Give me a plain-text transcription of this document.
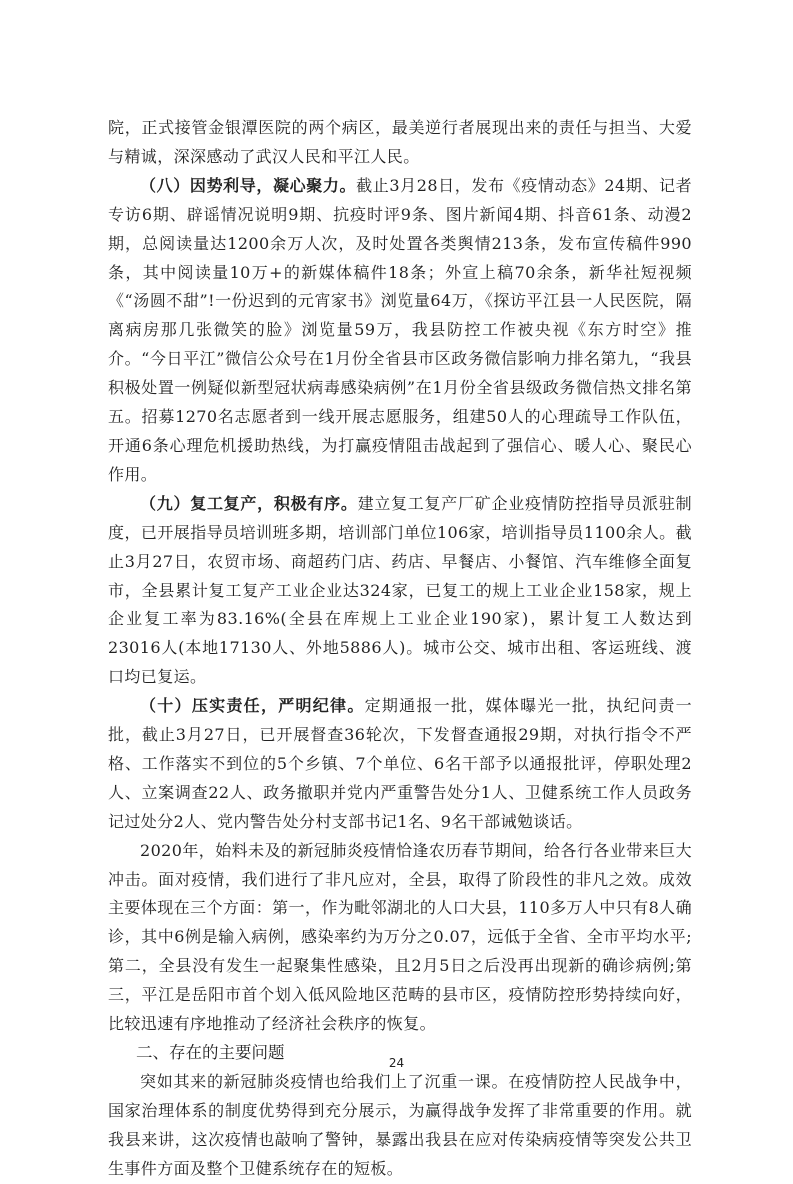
院，正式接管金银潭医院的两个病区，最美逆行者展现出来的责任与担当、大爱与精诚，深深感动了武汉人民和平江人民。

（八）因势利导，凝心聚力。截止3月28日，发布《疫情动态》24期、记者专访6期、辟谣情况说明9期、抗疫时评9条、图片新闻4期、抖音61条、动漫2期，总阅读量达1200余万人次，及时处置各类舆情213条，发布宣传稿件990条，其中阅读量10万+的新媒体稿件18条；外宣上稿70余条，新华社短视频《“汤圆不甜”!一份迟到的元宵家书》浏览量64万，《探访平江县一人民医院，隔离病房那几张微笑的脸》浏览量59万，我县防控工作被央视《东方时空》推介。“今日平江”微信公众号在1月份全省县市区政务微信影响力排名第九，“我县积极处置一例疑似新型冠状病毒感染病例”在1月份全省县级政务微信热文排名第五。招募1270名志愿者到一线开展志愿服务，组建50人的心理疏导工作队伍，开通6条心理危机援助热线，为打赢疫情阻击战起到了强信心、暖人心、聚民心作用。

（九）复工复产，积极有序。建立复工复产厂矿企业疫情防控指导员派驻制度，已开展指导员培训班多期，培训部门单位106家，培训指导员1100余人。截止3月27日，农贸市场、商超药门店、药店、早餐店、小餐馆、汽车维修全面复市，全县累计复工复产工业企业达324家，已复工的规上工业企业158家，规上企业复工率为83.16%(全县在库规上工业企业190家)，累计复工人数达到23016人(本地17130人、外地5886人)。城市公交、城市出租、客运班线、渡口均已复运。

（十）压实责任，严明纪律。定期通报一批，媒体曝光一批，执纪问责一批，截止3月27日，已开展督查36轮次，下发督查通报29期，对执行指令不严格、工作落实不到位的5个乡镇、7个单位、6名干部予以通报批评，停职处理2人、立案调查22人、政务撤职并党内严重警告处分1人、卫健系统工作人员政务记过处分2人、党内警告处分村支部书记1名、9名干部诫勉谈话。

2020年，始料未及的新冠肺炎疫情恰逢农历春节期间，给各行各业带来巨大冲击。面对疫情，我们进行了非凡应对，全县，取得了阶段性的非凡之效。成效主要体现在三个方面：第一，作为毗邻湖北的人口大县，110多万人中只有8人确诊，其中6例是输入病例，感染率约为万分之0.07，远低于全省、全市平均水平;第二，全县没有发生一起聚集性感染，且2月5日之后没再出现新的确诊病例;第三，平江是岳阳市首个划入低风险地区范畴的县市区，疫情防控形势持续向好，比较迅速有序地推动了经济社会秩序的恢复。

二、存在的主要问题

突如其来的新冠肺炎疫情也给我们上了沉重一课。在疫情防控人民战争中，国家治理体系的制度优势得到充分展示，为赢得战争发挥了非常重要的作用。就我县来讲，这次疫情也敲响了警钟，暴露出我县在应对传染病疫情等突发公共卫生事件方面及整个卫健系统存在的短板。

24
